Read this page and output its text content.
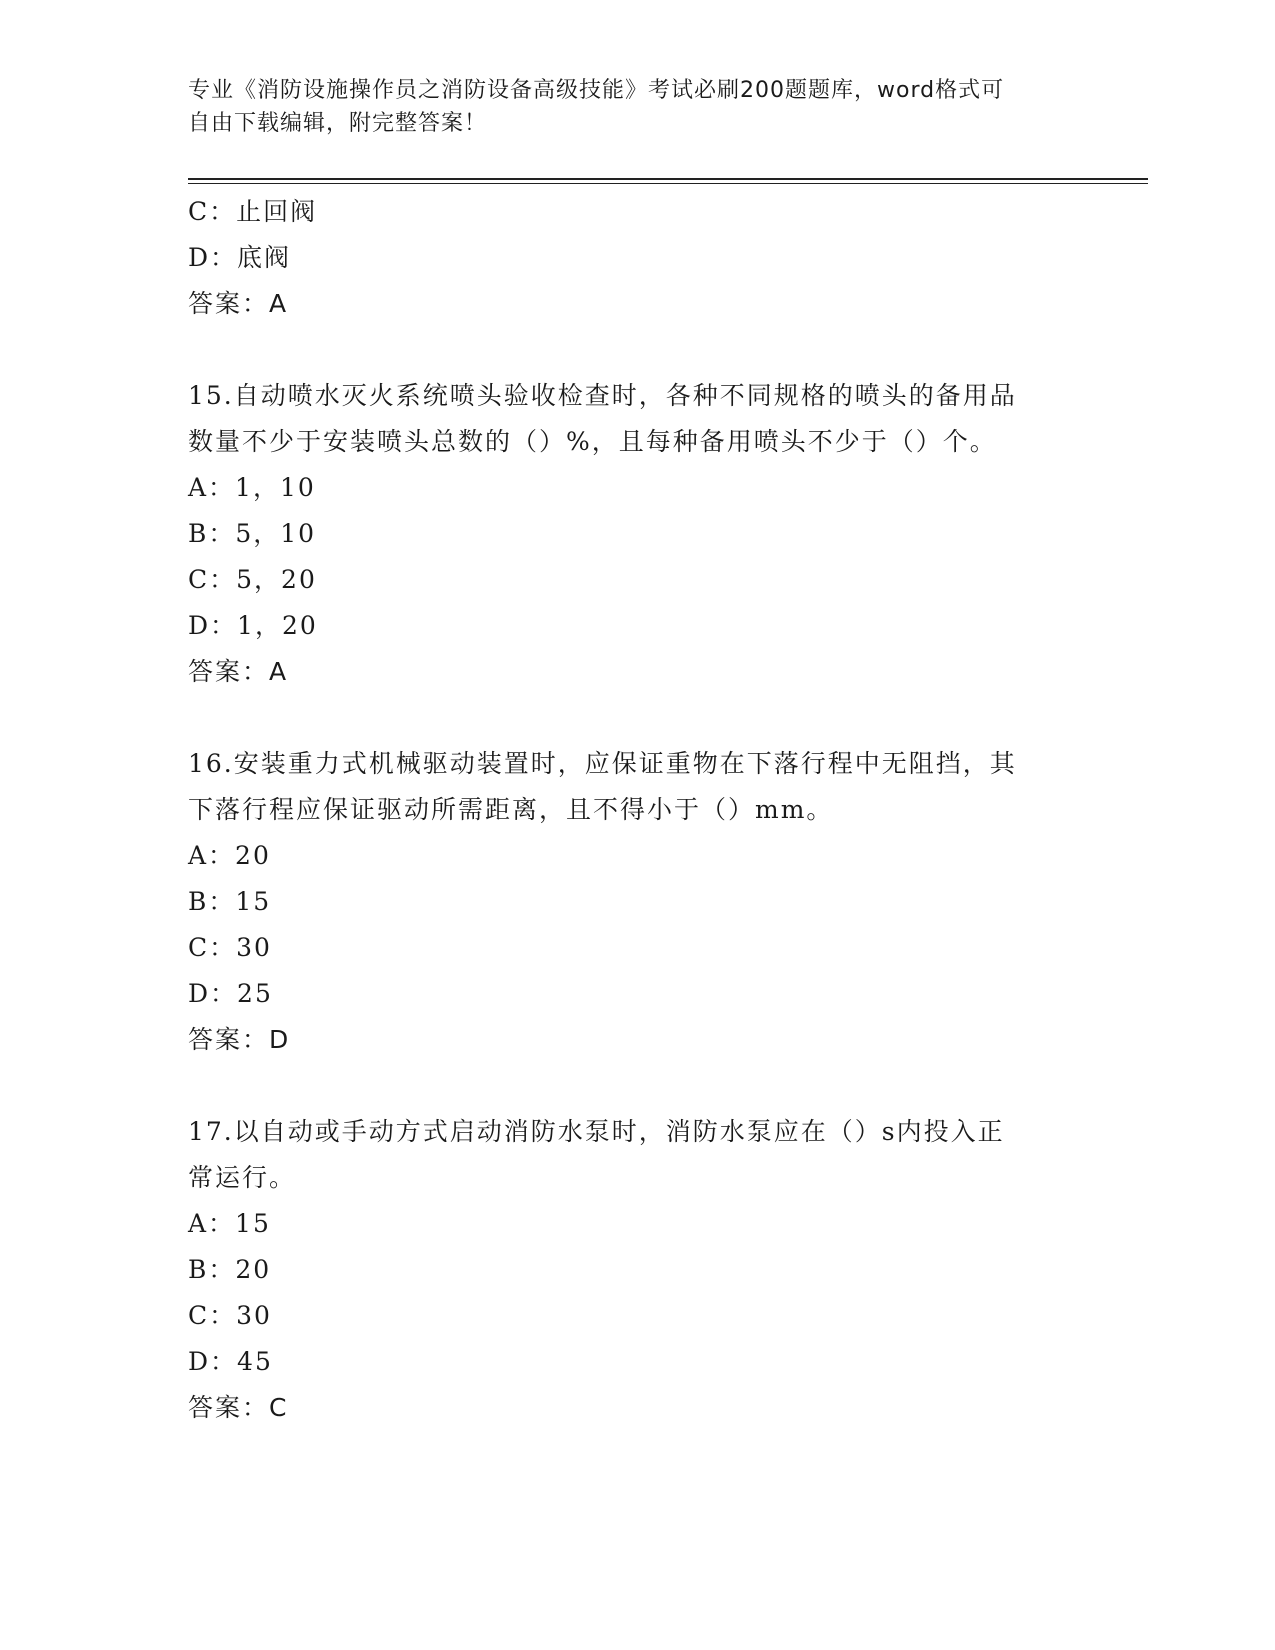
专业《消防设施操作员之消防设备高级技能》考试必刷200题题库，word格式可
自由下载编辑，附完整答案！
C：止回阀
D：底阀
答案：A
15.自动喷水灭火系统喷头验收检查时，各种不同规格的喷头的备用品
数量不少于安装喷头总数的（）%，且每种备用喷头不少于（）个。
A：1，10
B：5，10
C：5，20
D：1，20
答案：A
16.安装重力式机械驱动装置时，应保证重物在下落行程中无阻挡，其
下落行程应保证驱动所需距离，且不得小于（）mm。
A：20
B：15
C：30
D：25
答案：D
17.以自动或手动方式启动消防水泵时，消防水泵应在（）s内投入正
常运行。
A：15
B：20
C：30
D：45
答案：C
